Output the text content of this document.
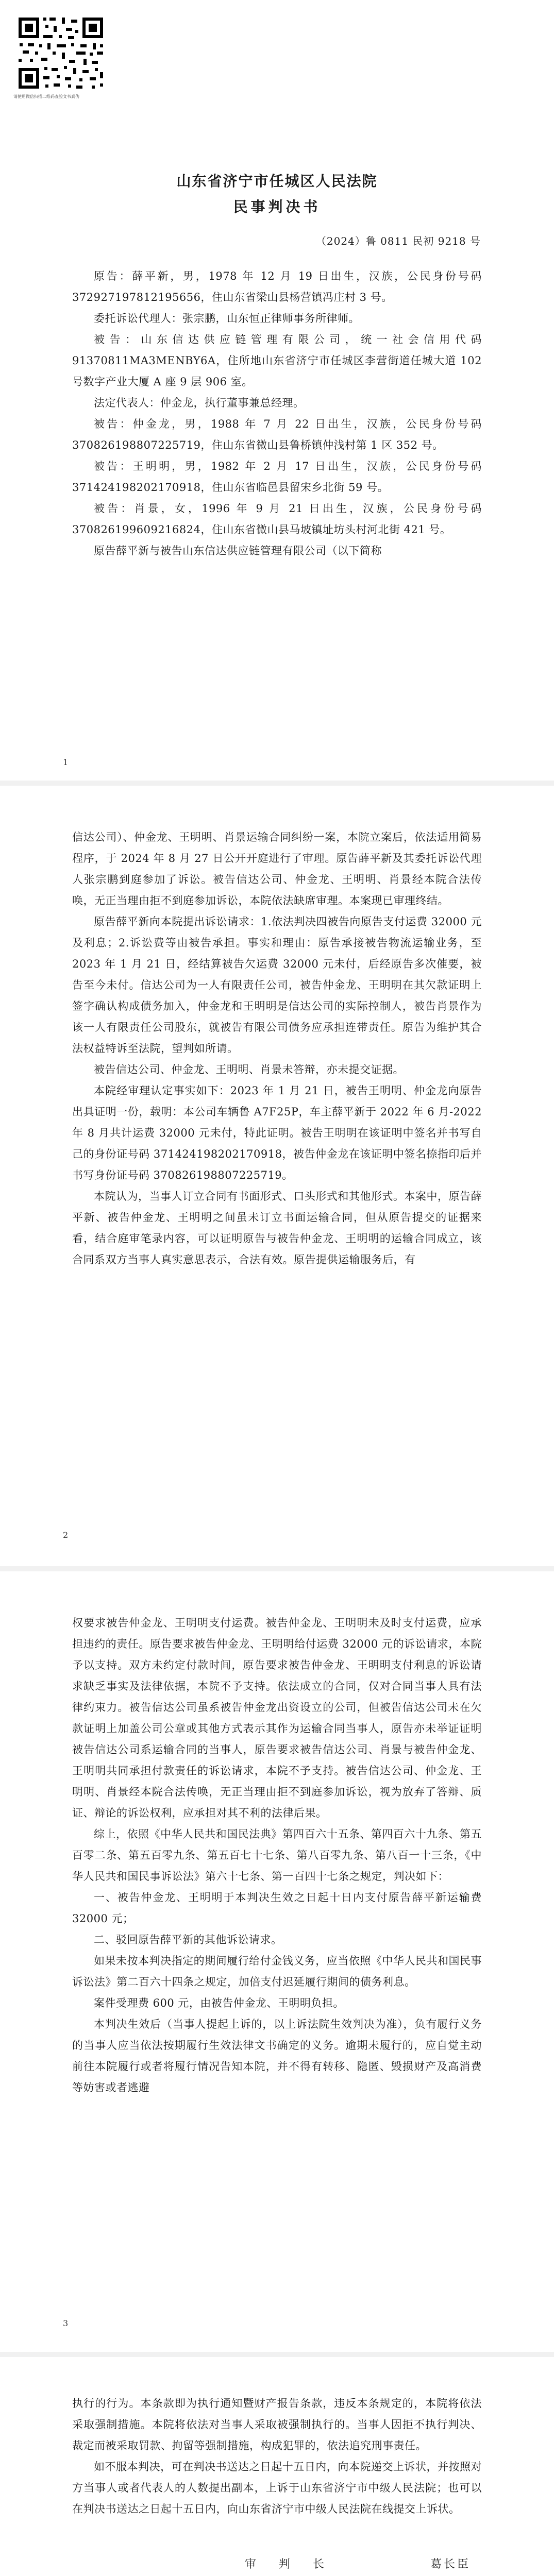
请使用微信扫描二维码查验文书真伪
山东省济宁市任城区人民法院
民事判决书
（2024）鲁 0811 民初 9218 号

原告：薛平新，男，1978 年 12 月 19 日出生，汉族，公民身份号码 372927197812195656，住山东省梁山县杨营镇冯庄村 3 号。

委托诉讼代理人：张宗鹏，山东恒正律师事务所律师。

被告：山东信达供应链管理有限公司，统一社会信用代码 91370811MA3MENBY6A，住所地山东省济宁市任城区李营街道任城大道 102 号数字产业大厦 A 座 9 层 906 室。

法定代表人：仲金龙，执行董事兼总经理。

被告：仲金龙，男，1988 年 7 月 22 日出生，汉族，公民身份号码 370826198807225719，住山东省微山县鲁桥镇仲浅村第 1 区 352 号。

被告：王明明，男，1982 年 2 月 17 日出生，汉族，公民身份号码 371424198202170918，住山东省临邑县留宋乡北街 59 号。

被告：肖景，女，1996 年 9 月 21 日出生，汉族，公民身份号码 370826199609216824，住山东省微山县马坡镇址坊头村河北街 421 号。

原告薛平新与被告山东信达供应链管理有限公司（以下简称

1

信达公司）、仲金龙、王明明、肖景运输合同纠纷一案，本院立案后，依法适用简易程序，于 2024 年 8 月 27 日公开开庭进行了审理。原告薛平新及其委托诉讼代理人张宗鹏到庭参加了诉讼。被告信达公司、仲金龙、王明明、肖景经本院合法传唤，无正当理由拒不到庭参加诉讼，本院依法缺席审理。本案现已审理终结。

原告薛平新向本院提出诉讼请求：1.依法判决四被告向原告支付运费 32000 元及利息；2.诉讼费等由被告承担。事实和理由：原告承接被告物流运输业务，至 2023 年 1 月 21 日，经结算被告欠运费 32000 元未付，后经原告多次催要，被告至今未付。信达公司为一人有限责任公司，被告仲金龙、王明明在其欠款证明上签字确认构成债务加入，仲金龙和王明明是信达公司的实际控制人，被告肖景作为该一人有限责任公司股东，就被告有限公司债务应承担连带责任。原告为维护其合法权益特诉至法院，望判如所请。

被告信达公司、仲金龙、王明明、肖景未答辩，亦未提交证据。

本院经审理认定事实如下：2023 年 1 月 21 日，被告王明明、仲金龙向原告出具证明一份，载明：本公司车辆鲁 A7F25P，车主薛平新于 2022 年 6 月-2022 年 8 月共计运费 32000 元未付，特此证明。被告王明明在该证明中签名并书写自己的身份证号码 371424198202170918，被告仲金龙在该证明中签名捺指印后并书写身份证号码 370826198807225719。

本院认为，当事人订立合同有书面形式、口头形式和其他形式。本案中，原告薛平新、被告仲金龙、王明明之间虽未订立书面运输合同，但从原告提交的证据来看，结合庭审笔录内容，可以证明原告与被告仲金龙、王明明的运输合同成立，该合同系双方当事人真实意思表示，合法有效。原告提供运输服务后，有

2

权要求被告仲金龙、王明明支付运费。被告仲金龙、王明明未及时支付运费，应承担违约的责任。原告要求被告仲金龙、王明明给付运费 32000 元的诉讼请求，本院予以支持。双方未约定付款时间，原告要求被告仲金龙、王明明支付利息的诉讼请求缺乏事实及法律依据，本院不予支持。依法成立的合同，仅对合同当事人具有法律约束力。被告信达公司虽系被告仲金龙出资设立的公司，但被告信达公司未在欠款证明上加盖公司公章或其他方式表示其作为运输合同当事人，原告亦未举证证明被告信达公司系运输合同的当事人，原告要求被告信达公司、肖景与被告仲金龙、王明明共同承担付款责任的诉讼请求，本院不予支持。被告信达公司、仲金龙、王明明、肖景经本院合法传唤，无正当理由拒不到庭参加诉讼，视为放弃了答辩、质证、辩论的诉讼权利，应承担对其不利的法律后果。

综上，依照《中华人民共和国民法典》第四百六十五条、第四百六十九条、第五百零二条、第五百零九条、第五百七十七条、第八百零九条、第八百一十三条，《中华人民共和国民事诉讼法》第六十七条、第一百四十七条之规定，判决如下：

一、被告仲金龙、王明明于本判决生效之日起十日内支付原告薛平新运输费 32000 元；

二、驳回原告薛平新的其他诉讼请求。

如果未按本判决指定的期间履行给付金钱义务，应当依照《中华人民共和国民事诉讼法》第二百六十四条之规定，加倍支付迟延履行期间的债务利息。

案件受理费 600 元，由被告仲金龙、王明明负担。

本判决生效后（当事人提起上诉的，以上诉法院生效判决为准），负有履行义务的当事人应当依法按期履行生效法律文书确定的义务。逾期未履行的，应自觉主动前往本院履行或者将履行情况告知本院，并不得有转移、隐匿、毁损财产及高消费等妨害或者逃避

3

执行的行为。本条款即为执行通知暨财产报告条款，违反本条规定的，本院将依法采取强制措施。本院将依法对当事人采取被强制执行的。当事人因拒不执行判决、裁定而被采取罚款、拘留等强制措施，构成犯罪的，依法追究刑事责任。

如不服本判决，可在判决书送达之日起十五日内，向本院递交上诉状，并按照对方当事人或者代表人的人数提出副本，上诉于山东省济宁市中级人民法院；也可以在判决书送达之日起十五日内，向山东省济宁市中级人民法院在线提交上诉状。

审判长	葛长臣
